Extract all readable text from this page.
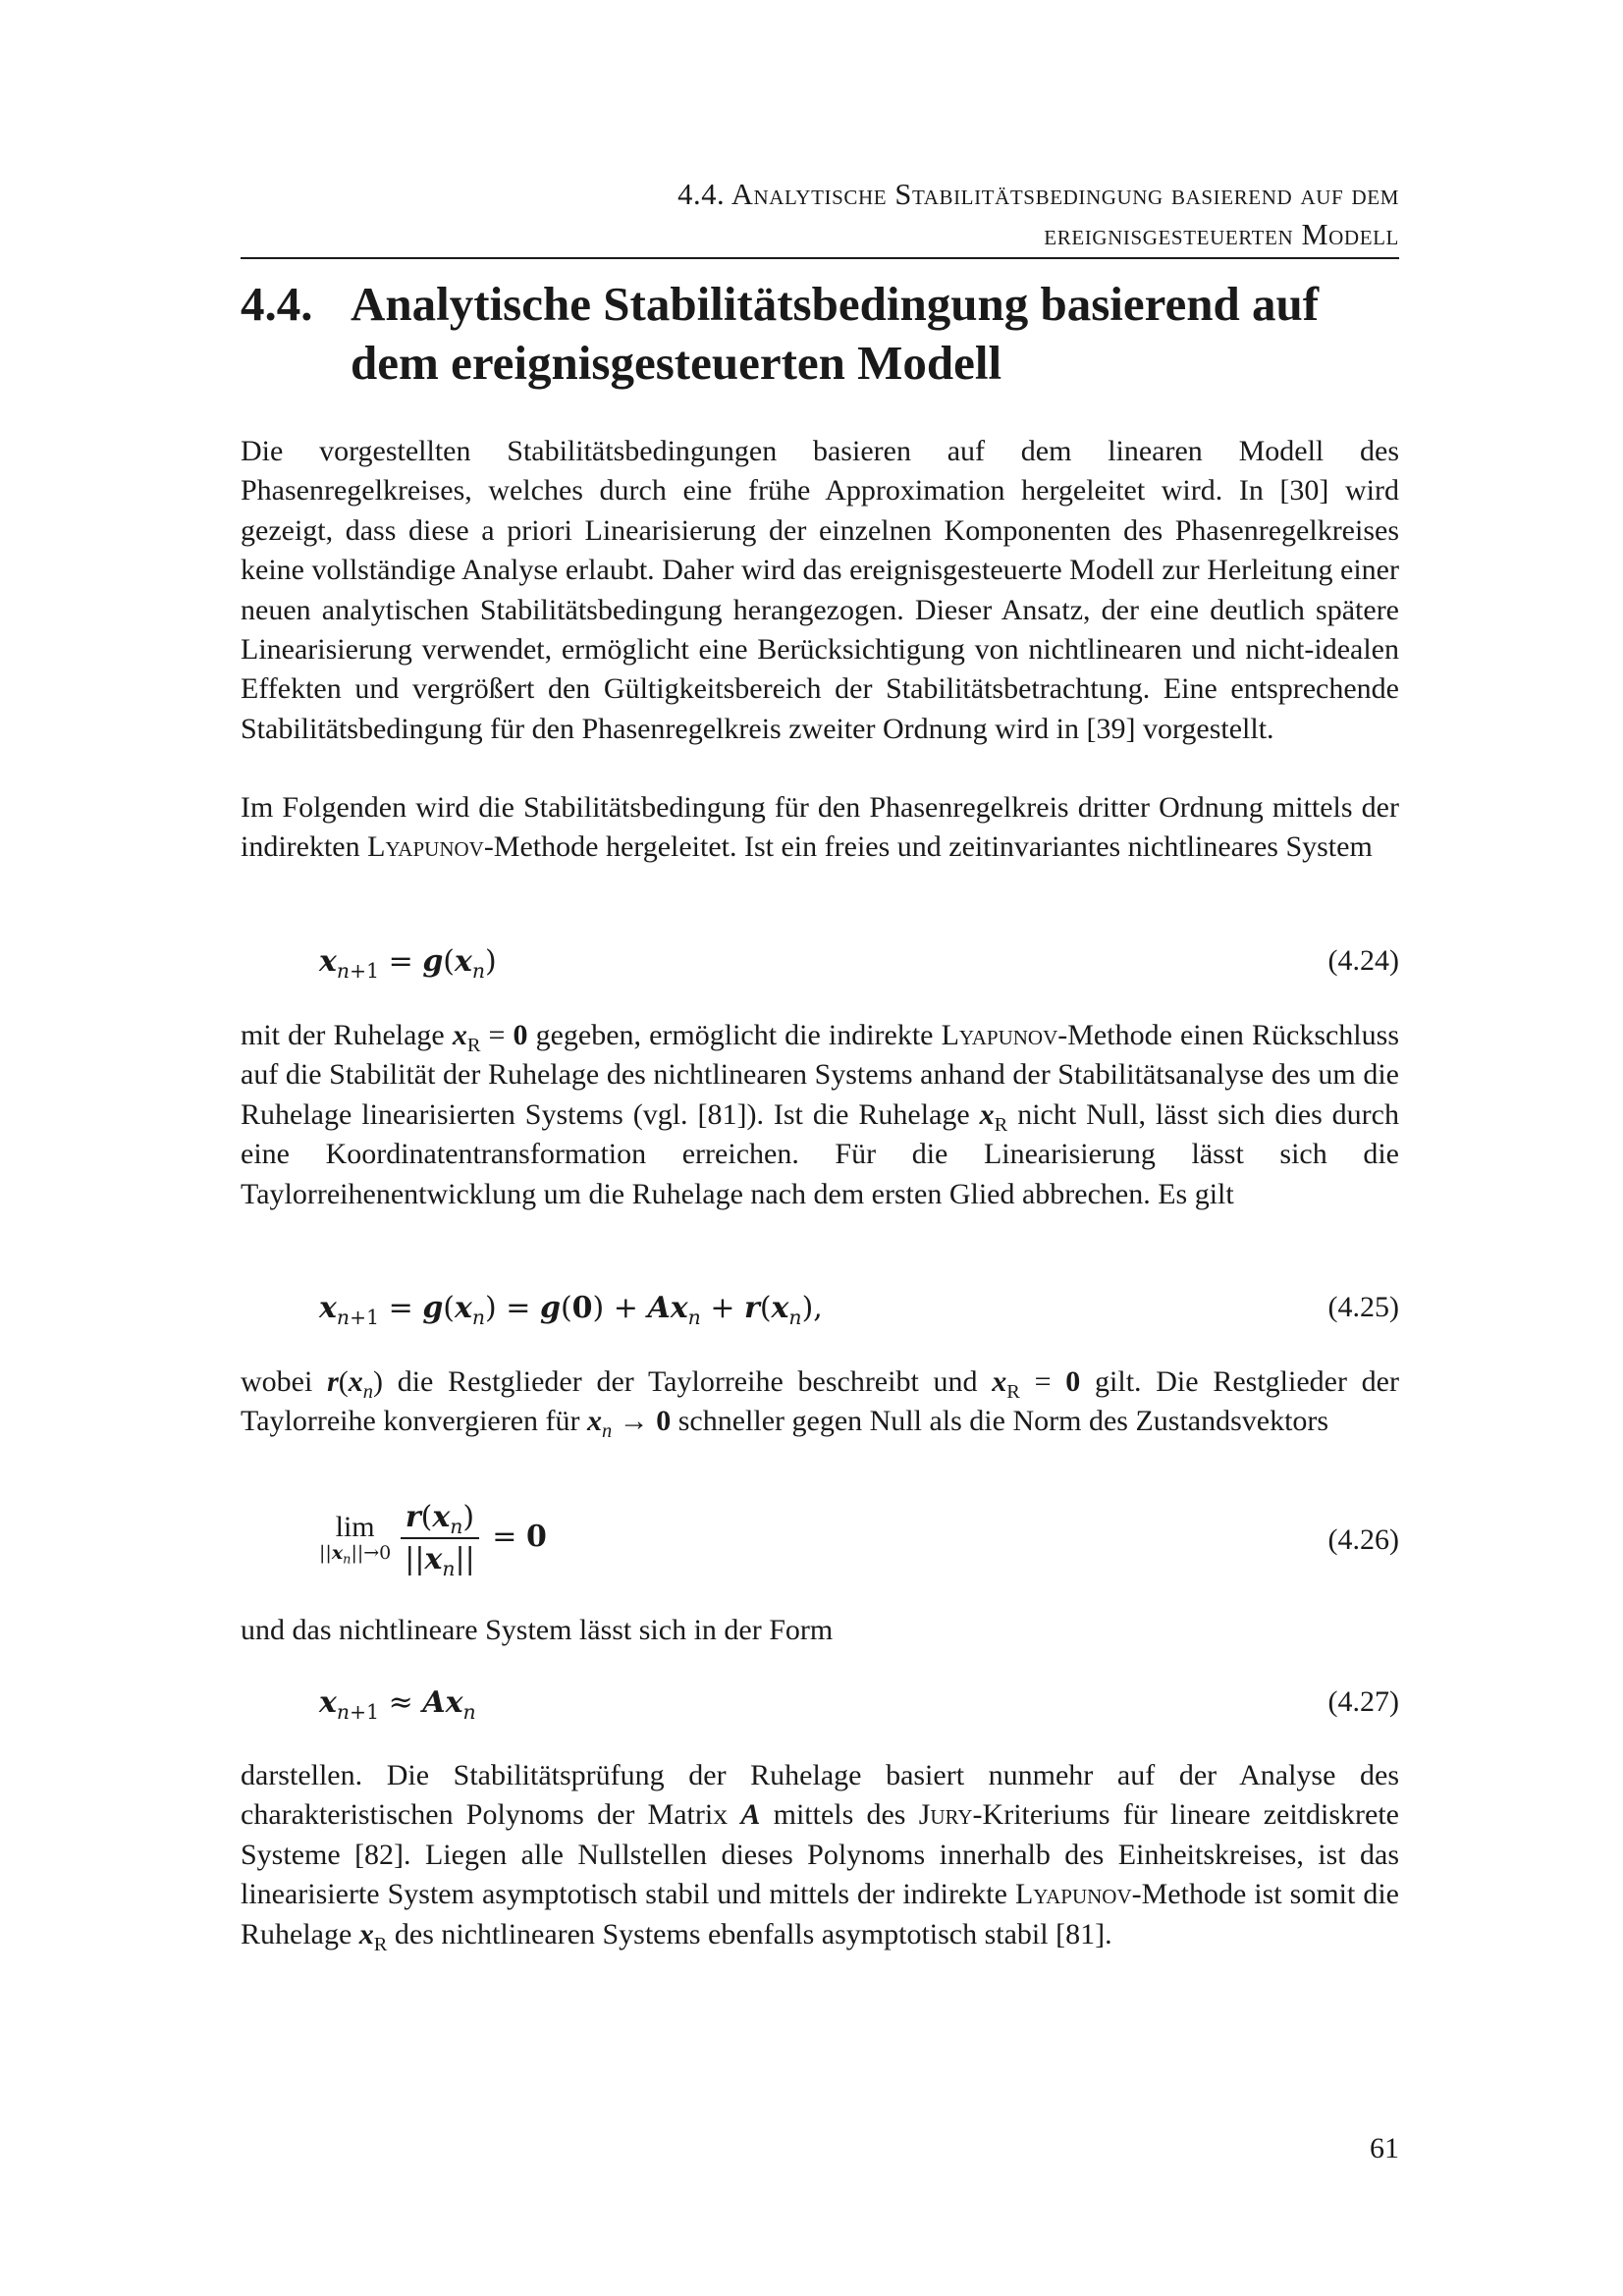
4.4. Analytische Stabilitätsbedingung basierend auf dem
ereignisgesteuerten Modell
4.4. Analytische Stabilitätsbedingung basierend auf dem ereignisgesteuerten Modell

Die vorgestellten Stabilitätsbedingungen basieren auf dem linearen Modell des Phasenregelkreises, welches durch eine frühe Approximation hergeleitet wird. In [30] wird gezeigt, dass diese a priori Linearisierung der einzelnen Komponenten des Phasenregelkreises keine vollständige Analyse erlaubt. Daher wird das ereignisgesteuerte Modell zur Herleitung einer neuen analytischen Stabilitätsbedingung herangezogen. Dieser Ansatz, der eine deutlich spätere Linearisierung verwendet, ermöglicht eine Berücksichtigung von nichtlinearen und nicht-idealen Effekten und vergrößert den Gültigkeitsbereich der Stabilitätsbetrachtung. Eine entsprechende Stabilitätsbedingung für den Phasenregelkreis zweiter Ordnung wird in [39] vorgestellt.

Im Folgenden wird die Stabilitätsbedingung für den Phasenregelkreis dritter Ordnung mittels der indirekten Lyapunov-Methode hergeleitet. Ist ein freies und zeitinvariantes nichtlineares System

$x_{n+1} = g(x_n)$	(4.24)

mit der Ruhelage $x_R = 0$ gegeben, ermöglicht die indirekte Lyapunov-Methode einen Rückschluss auf die Stabilität der Ruhelage des nichtlinearen Systems anhand der Stabilitätsanalyse des um die Ruhelage linearisierten Systems (vgl. [81]). Ist die Ruhelage $x_R$ nicht Null, lässt sich dies durch eine Koordinatentransformation erreichen. Für die Linearisierung lässt sich die Taylorreihenentwicklung um die Ruhelage nach dem ersten Glied abbrechen. Es gilt

$x_{n+1} = g(x_n) = g(0) + Ax_n + r(x_n)$,	(4.25)

wobei $r(x_n)$ die Restglieder der Taylorreihe beschreibt und $x_R = 0$ gilt. Die Restglieder der Taylorreihe konvergieren für $x_n \to 0$ schneller gegen Null als die Norm des Zustandsvektors

lim
$||x_n||\to 0 \frac{r(x_n)}{||x_n||} = 0$	(4.26)

und das nichtlineare System lässt sich in der Form

$x_{n+1} \approx Ax_n$	(4.27)

darstellen. Die Stabilitätsprüfung der Ruhelage basiert nunmehr auf der Analyse des charakteristischen Polynoms der Matrix A mittels des Jury-Kriteriums für lineare zeitdiskrete Systeme [82]. Liegen alle Nullstellen dieses Polynoms innerhalb des Einheitskreises, ist das linearisierte System asymptotisch stabil und mittels der indirekte Lyapunov-Methode ist somit die Ruhelage $x_R$ des nichtlinearen Systems ebenfalls asymptotisch stabil [81].

61
